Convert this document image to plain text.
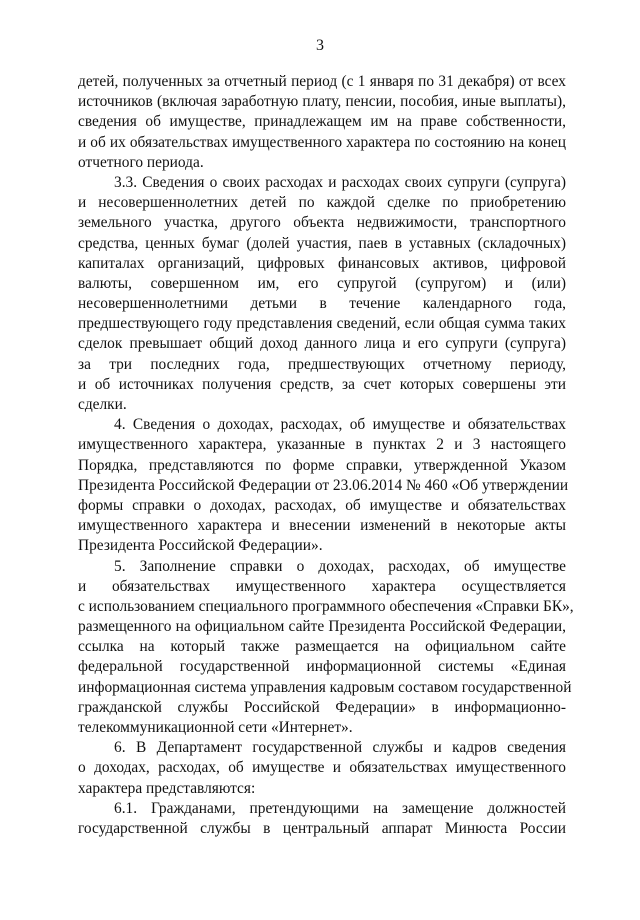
3
детей, полученных за отчетный период (с 1 января по 31 декабря) от всех
источников (включая заработную плату, пенсии, пособия, иные выплаты),
сведения об имуществе, принадлежащем им на праве собственности,
и об их обязательствах имущественного характера по состоянию на конец
отчетного периода.
3.3. Сведения о своих расходах и расходах своих супруги (супруга)
и несовершеннолетних детей по каждой сделке по приобретению
земельного участка, другого объекта недвижимости, транспортного
средства, ценных бумаг (долей участия, паев в уставных (складочных)
капиталах организаций, цифровых финансовых активов, цифровой
валюты, совершенном им, его супругой (супругом) и (или)
несовершеннолетними детьми в течение календарного года,
предшествующего году представления сведений, если общая сумма таких
сделок превышает общий доход данного лица и его супруги (супруга)
за три последних года, предшествующих отчетному периоду,
и об источниках получения средств, за счет которых совершены эти
сделки.
4. Сведения о доходах, расходах, об имуществе и обязательствах
имущественного характера, указанные в пунктах 2 и 3 настоящего
Порядка, представляются по форме справки, утвержденной Указом
Президента Российской Федерации от 23.06.2014 № 460 «Об утверждении
формы справки о доходах, расходах, об имуществе и обязательствах
имущественного характера и внесении изменений в некоторые акты
Президента Российской Федерации».
5. Заполнение справки о доходах, расходах, об имуществе
и обязательствах имущественного характера осуществляется
с использованием специального программного обеспечения «Справки БК»,
размещенного на официальном сайте Президента Российской Федерации,
ссылка на который также размещается на официальном сайте
федеральной государственной информационной системы «Единая
информационная система управления кадровым составом государственной
гражданской службы Российской Федерации» в информационно-
телекоммуникационной сети «Интернет».
6. В Департамент государственной службы и кадров сведения
о доходах, расходах, об имуществе и обязательствах имущественного
характера представляются:
6.1. Гражданами, претендующими на замещение должностей
государственной службы в центральный аппарат Минюста России
